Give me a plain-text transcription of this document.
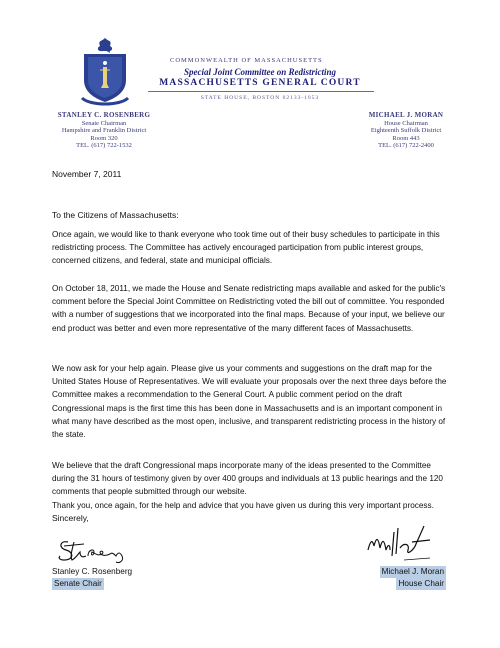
COMMONWEALTH OF MASSACHUSETTS
Special Joint Committee on Redistricting
MASSACHUSETTS GENERAL COURT
STATE HOUSE, BOSTON 02133-1053
STANLEY C. ROSENBERG
Senate Chairman
Hampshire and Franklin District
Room 320
TEL. (617) 722-1532
MICHAEL J. MORAN
House Chairman
Eighteenth Suffolk District
Room 443
TEL. (617) 722-2400
November 7, 2011
To the Citizens of Massachusetts:

Once again, we would like to thank everyone who took time out of their busy schedules to participate in this redistricting process. The Committee has actively encouraged participation from public interest groups, concerned citizens, and federal, state and municipal officials.

On October 18, 2011, we made the House and Senate redistricting maps available and asked for the public's comment before the Special Joint Committee on Redistricting voted the bill out of committee. You responded with a number of suggestions that we incorporated into the final maps. Because of your input, we believe our end product was better and even more representative of the many different faces of Massachusetts.

We now ask for your help again. Please give us your comments and suggestions on the draft map for the United States House of Representatives. We will evaluate your proposals over the next three days before the Committee makes a recommendation to the General Court. A public comment period on the draft Congressional maps is the first time this has been done in Massachusetts and is an important component in what many have described as the most open, inclusive, and transparent redistricting process in the history of the state.

We believe that the draft Congressional maps incorporate many of the ideas presented to the Committee during the 31 hours of testimony given by over 400 groups and individuals at 13 public hearings and the 120 comments that people submitted through our website.

Thank you, once again, for the help and advice that you have given us during this very important process.

Sincerely,
Stanley C. Rosenberg
Senate Chair
Michael J. Moran
House Chair
